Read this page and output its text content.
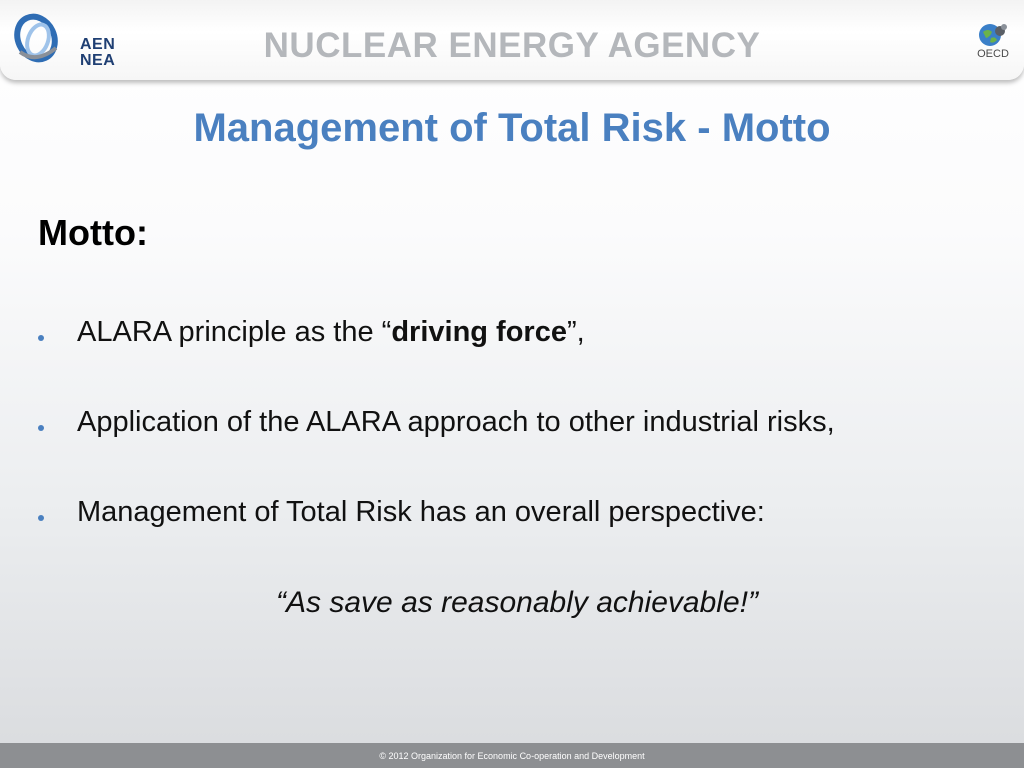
AEN
NEA	NUCLEAR ENERGY AGENCY	OECD
Management of Total Risk - Motto
Motto:
ALARA principle as the “driving force”,
Application of the ALARA approach to other industrial risks,
Management of Total Risk has an overall perspective:
“As save as reasonably achievable!”
© 2012 Organization for Economic Co-operation and Development
